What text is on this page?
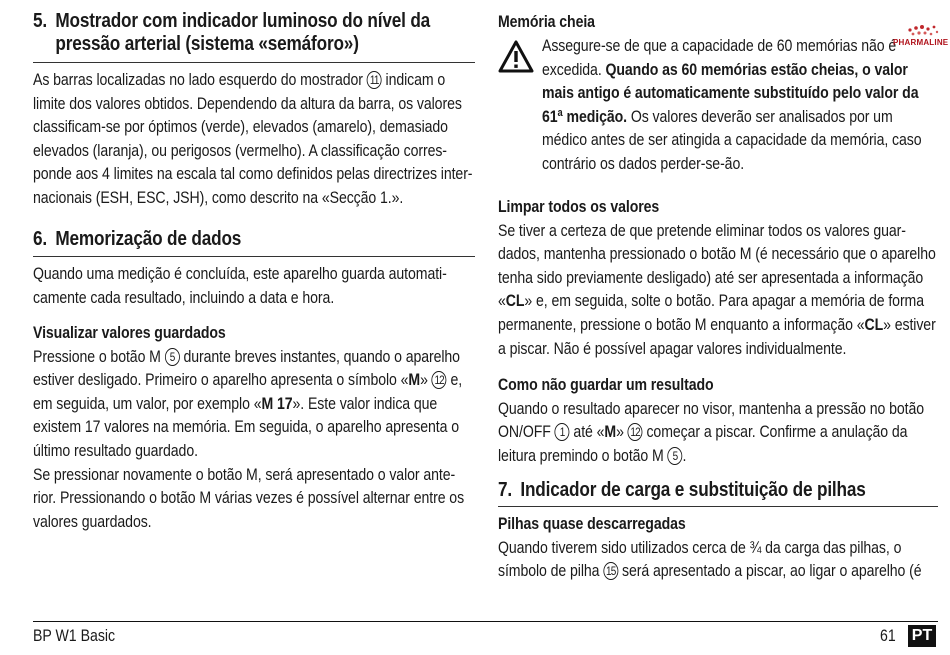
5. Mostrador com indicador luminoso do nível da
pressão arterial (sistema «semáforo»)

As barras localizadas no lado esquerdo do mostrador 11 indicam o limite dos valores obtidos. Dependendo da altura da barra, os valores classificam-se por óptimos (verde), elevados (amarelo), demasiado elevados (laranja), ou perigosos (vermelho). A classificação corres-ponde aos 4 limites na escala tal como definidos pelas directrizes inter-nacionais (ESH, ESC, JSH), como descrito na «Secção 1.».

6. Memorização de dados

Quando uma medição é concluída, este aparelho guarda automati-camente cada resultado, incluindo a data e hora.

Visualizar valores guardados

Pressione o botão M 5 durante breves instantes, quando o aparelho estiver desligado. Primeiro o aparelho apresenta o símbolo «M» 12 e, em seguida, um valor, por exemplo «M 17». Este valor indica que existem 17 valores na memória. Em seguida, o aparelho apresenta o último resultado guardado.

Se pressionar novamente o botão M, será apresentado o valor ante-rior. Pressionando o botão M várias vezes é possível alternar entre os valores guardados.

Memória cheia

Assegure-se de que a capacidade de 60 memórias não é excedida. Quando as 60 memórias estão cheias, o valor mais antigo é automaticamente substituído pelo valor da 61ª medição. Os valores deverão ser analisados por um médico antes de ser atingida a capacidade da memória, caso contrário os dados perder-se-ão.

Limpar todos os valores

Se tiver a certeza de que pretende eliminar todos os valores guar-dados, mantenha pressionado o botão M (é necessário que o aparelho tenha sido previamente desligado) até ser apresentada a informação «CL» e, em seguida, solte o botão. Para apagar a memória de forma permanente, pressione o botão M enquanto a informação «CL» estiver a piscar. Não é possível apagar valores individualmente.

Como não guardar um resultado

Quando o resultado aparecer no visor, mantenha a pressão no botão ON/OFF 1 até «M» 12 começar a piscar. Confirme a anulação da leitura premindo o botão M 5 .

7. Indicador de carga e substituição de pilhas
Pilhas quase descarregadas

Quando tiverem sido utilizados cerca de ¾ da carga das pilhas, o símbolo de pilha 15 será apresentado a piscar, ao ligar o aparelho (é

PHARMALINE
BP W1 Basic	61 PT
